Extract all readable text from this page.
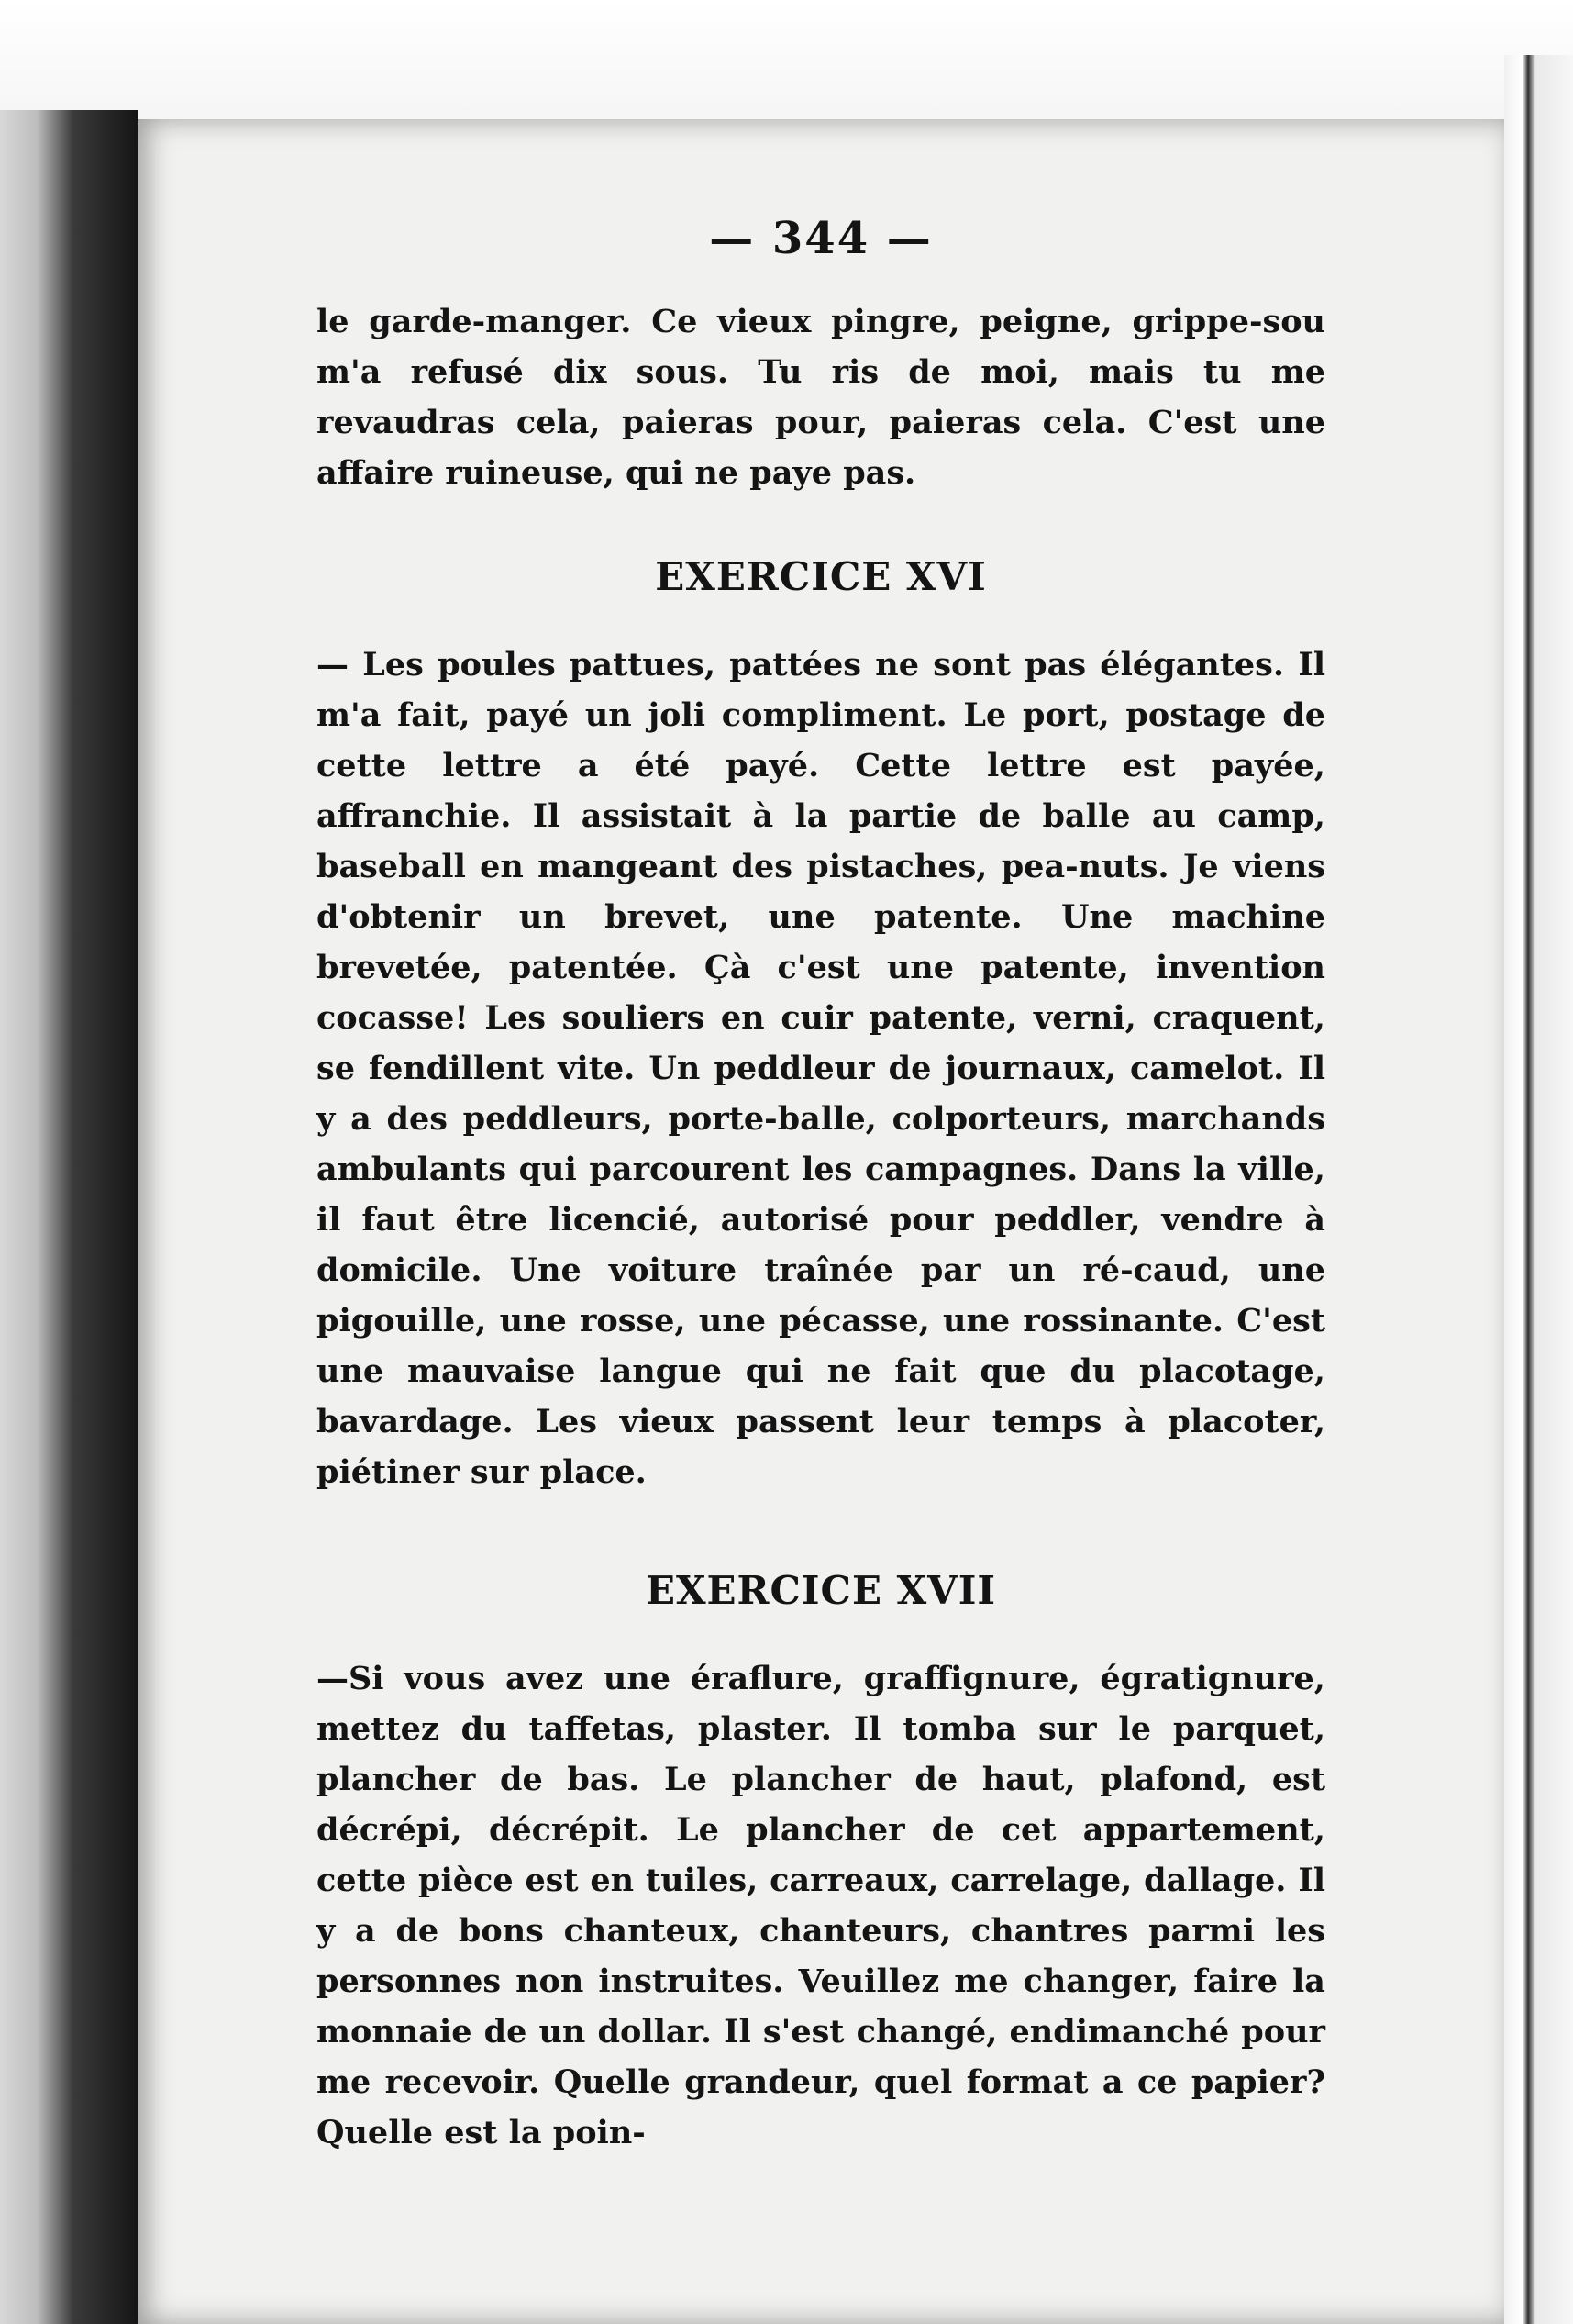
— 344 —

le garde-manger. Ce vieux pingre, peigne, grippe-sou m'a refusé dix sous. Tu ris de moi, mais tu me revaudras cela, paieras pour, paieras cela. C'est une affaire ruineuse, qui ne paye pas.

EXERCICE XVI

— Les poules pattues, pattées ne sont pas élégantes. Il m'a fait, payé un joli compliment. Le port, postage de cette lettre a été payé. Cette lettre est payée, affranchie. Il assistait à la partie de balle au camp, baseball en mangeant des pistaches, pea-nuts. Je viens d'obtenir un brevet, une patente. Une machine brevetée, patentée. Çà c'est une patente, invention cocasse! Les souliers en cuir patente, verni, craquent, se fendillent vite. Un peddleur de journaux, camelot. Il y a des peddleurs, porte-balle, colporteurs, marchands ambulants qui parcourent les campagnes. Dans la ville, il faut être licencié, autorisé pour peddler, vendre à domicile. Une voiture traînée par un ré-caud, une pigouille, une rosse, une pécasse, une rossinante. C'est une mauvaise langue qui ne fait que du placotage, bavardage. Les vieux passent leur temps à placoter, piétiner sur place.

EXERCICE XVII

—Si vous avez une éraflure, graffignure, égratignure, mettez du taffetas, plaster. Il tomba sur le parquet, plancher de bas. Le plancher de haut, plafond, est décrépi, décrépit. Le plancher de cet appartement, cette pièce est en tuiles, carreaux, carrelage, dallage. Il y a de bons chanteux, chanteurs, chantres parmi les personnes non instruites. Veuillez me changer, faire la monnaie de un dollar. Il s'est changé, endimanché pour me recevoir. Quelle grandeur, quel format a ce papier? Quelle est la poin-
